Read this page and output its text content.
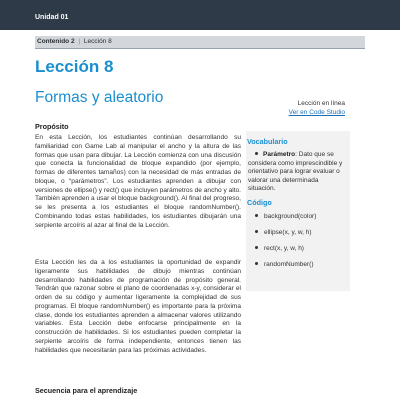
Unidad 01
Contenido 2 | Lección 8
Lección 8
Formas y aleatorio	Lección en línea
Ver en Code Studio
Propósito

En esta Lección, los estudiantes continúan desarrollando su familiaridad con Game Lab al manipular el ancho y la altura de las formas que usan para dibujar. La Lección comienza con una discusión que conecta la funcionalidad de bloque expandido (por ejemplo, formas de diferentes tamaños) con la necesidad de más entradas de bloque, o “parámetros”. Los estudiantes aprenden a dibujar con versiones de ellipse() y rect() que incluyen parámetros de ancho y alto. También aprenden a usar el bloque background(). Al final del progreso, se les presenta a los estudiantes el bloque randomNumber(). Combinando todas estas habilidades, los estudiantes dibujarán una serpiente arcoíris al azar al final de la Lección.

Esta Lección les da a los estudiantes la oportunidad de expandir ligeramente sus habilidades de dibujo mientras continúan desarrollando habilidades de programación de propósito general. Tendrán que razonar sobre el plano de coordenadas x-y, considerar el orden de su código y aumentar ligeramente la complejidad de sus programas. El bloque randomNumber() es importante para la próxima clase, donde los estudiantes aprenden a almacenar valores utilizando variables. Esta Lección debe enfocarse principalmente en la construcción de habilidades. Si los estudiantes pueden completar la serpiente arcoíris de forma independiente, entonces tienen las habilidades que necesitarán para las próximas actividades.

Secuencia para el aprendizaje
Vocabulario
Parámetro: Dato que se considera como imprescindible y orientativo para lograr evaluar o valorar una determinada situación.
Código
background(color)
ellipse(x, y, w, h)
rect(x, y, w, h)
randomNumber()
